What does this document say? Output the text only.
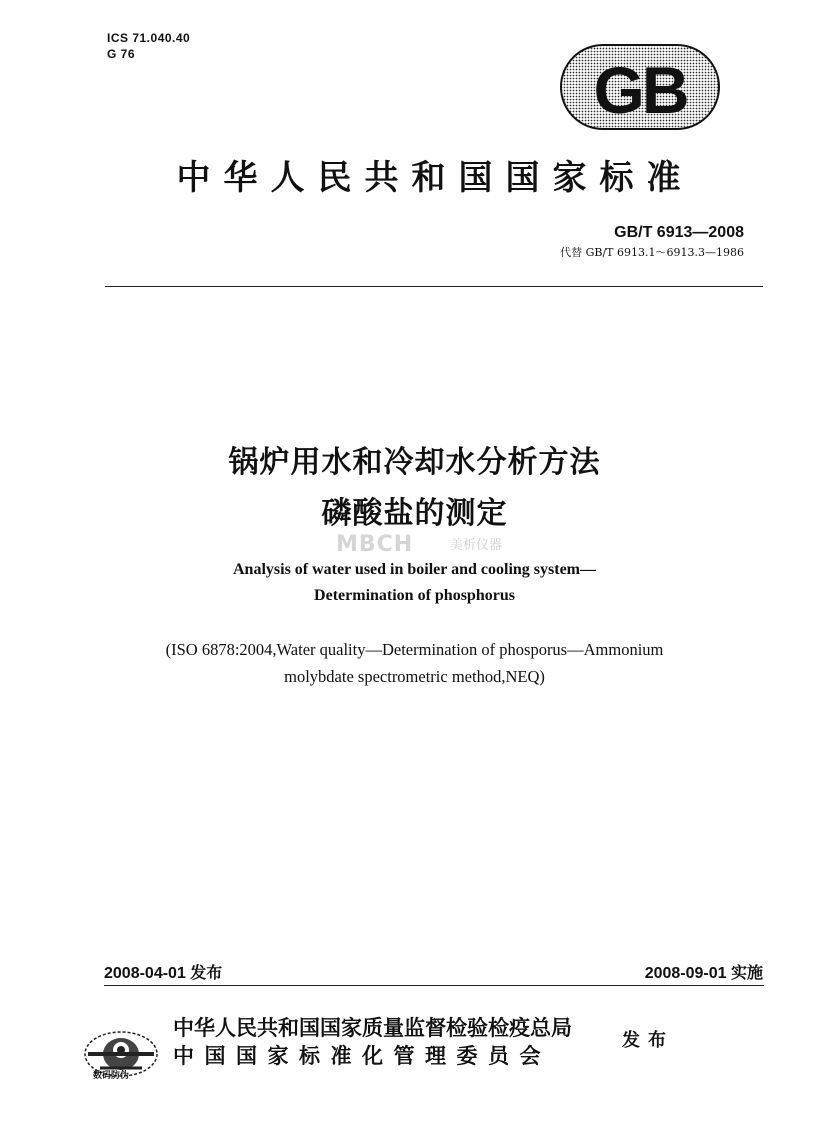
ICS 71.040.40
G 76	GB
中华人民共和国国家标准
GB/T 6913—2008
代替 GB/T 6913.1～6913.3—1986
锅炉用水和冷却水分析方法
磷酸盐的测定
MBCH	美析仪器
Analysis of water used in boiler and cooling system—
Determination of phosphorus
(ISO 6878:2004,Water quality—Determination of phosporus—Ammonium
molybdate spectrometric method,NEQ)
2008-04-01 发布	2008-09-01 实施
数码防伪
中华人民共和国国家质量监督检验检疫总局
中国国家标准化管理委员会
发布
